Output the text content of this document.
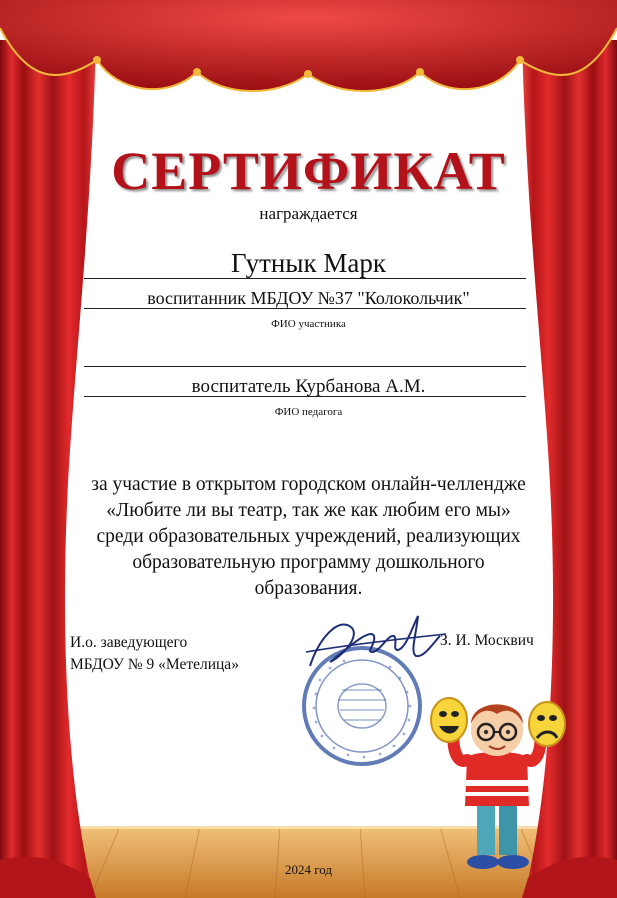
СЕРТИФИКАТ
награждается
Гутнык Марк
воспитанник МБДОУ №37 "Колокольчик"
ФИО участника
воспитатель Курбанова А.М.
ФИО педагога
за участие в открытом городском онлайн-челлендже
«Любите ли вы театр, так же как любим его мы»
среди образовательных учреждений, реализующих
образовательную программу дошкольного
образования.
И.о. заведующего
МБДОУ № 9 «Метелица»
З. И. Москвич
2024 год
